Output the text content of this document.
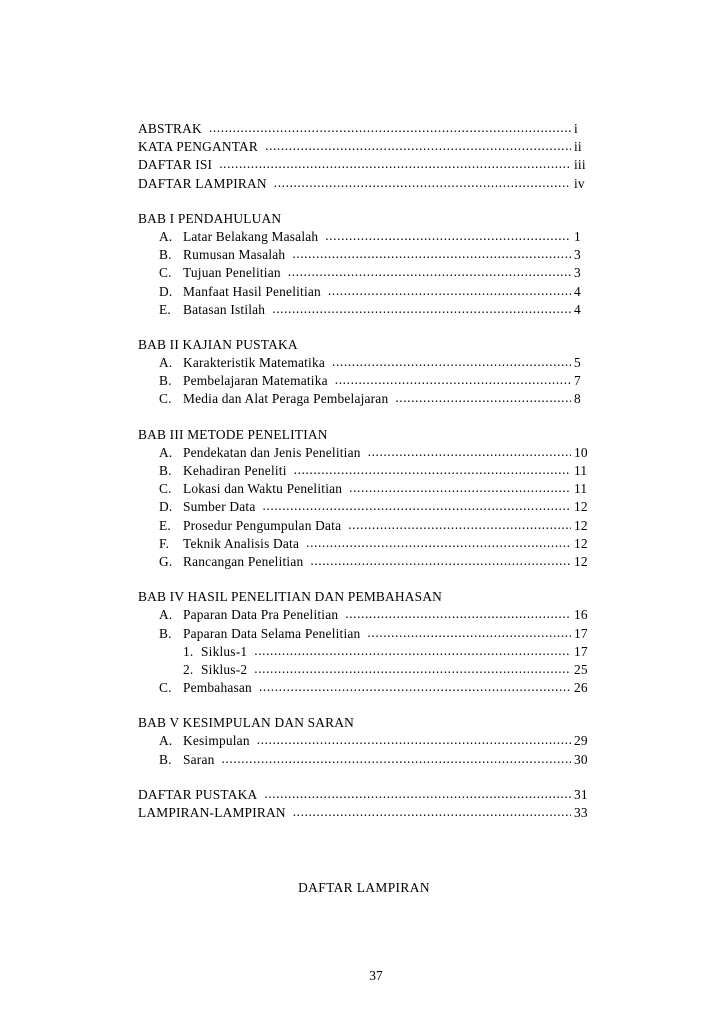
ABSTRAK .....	i
KATA PENGANTAR .....	ii
DAFTAR ISI .....	iii
DAFTAR LAMPIRAN .....	iv
BAB I PENDAHULUAN
A. Latar Belakang Masalah .....	1
B. Rumusan Masalah .....	3
C. Tujuan Penelitian .....	3
D. Manfaat Hasil Penelitian .....	4
E. Batasan Istilah .....	4
BAB II KAJIAN PUSTAKA
A. Karakteristik Matematika .....	5
B. Pembelajaran Matematika .....	7
C. Media dan Alat Peraga Pembelajaran .....	8
BAB III METODE PENELITIAN
A. Pendekatan dan Jenis Penelitian .....	10
B. Kehadiran Peneliti .....	11
C. Lokasi dan Waktu Penelitian .....	11
D. Sumber Data .....	12
E. Prosedur Pengumpulan Data .....	12
F.	Teknik Analisis Data .....	12
G. Rancangan Penelitian .....	12
BAB IV HASIL PENELITIAN DAN PEMBAHASAN
A. Paparan Data Pra Penelitian .....	16
B. Paparan Data Selama Penelitian .....	17
1. Siklus-1 .....	17
2. Siklus-2 .....	25
C. Pembahasan .....	26
BAB V KESIMPULAN DAN SARAN
A. Kesimpulan .....	29
B. Saran .....	30
DAFTAR PUSTAKA .....	31
LAMPIRAN-LAMPIRAN .....	33
DAFTAR LAMPIRAN
37
